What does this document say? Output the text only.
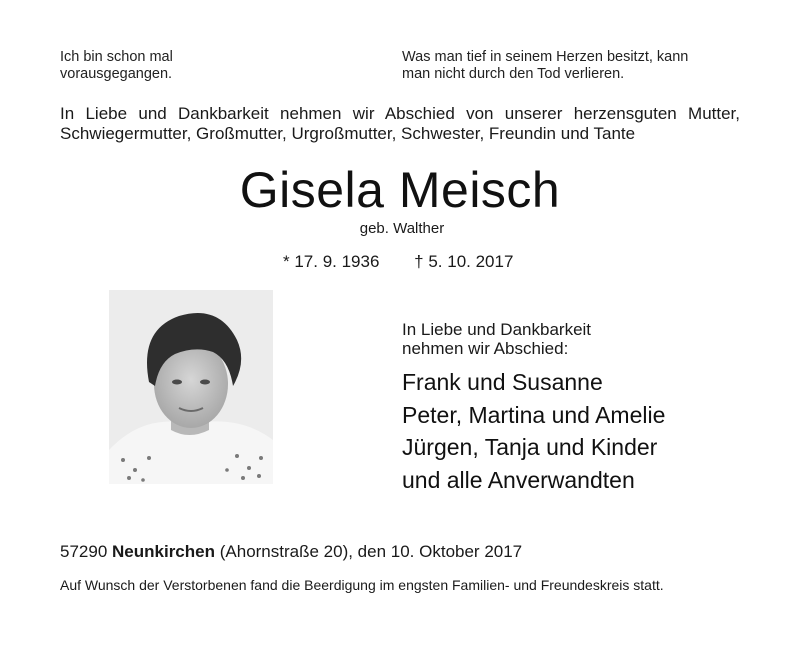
Ich bin schon mal
vorausgegangen.
Was man tief in seinem Herzen besitzt, kann
man nicht durch den Tod verlieren.
In Liebe und Dankbarkeit nehmen wir Abschied von unserer herzensguten Mutter,
Schwiegermutter, Großmutter, Urgroßmutter, Schwester, Freundin und Tante
Gisela Meisch
geb. Walther
* 17. 9. 1936 † 5. 10. 2017
In Liebe und Dankbarkeit
nehmen wir Abschied:
Frank und Susanne
Peter, Martina und Amelie
Jürgen, Tanja und Kinder
und alle Anverwandten
57290 Neunkirchen (Ahornstraße 20), den 10. Oktober 2017
Auf Wunsch der Verstorbenen fand die Beerdigung im engsten Familien- und Freundeskreis statt.
